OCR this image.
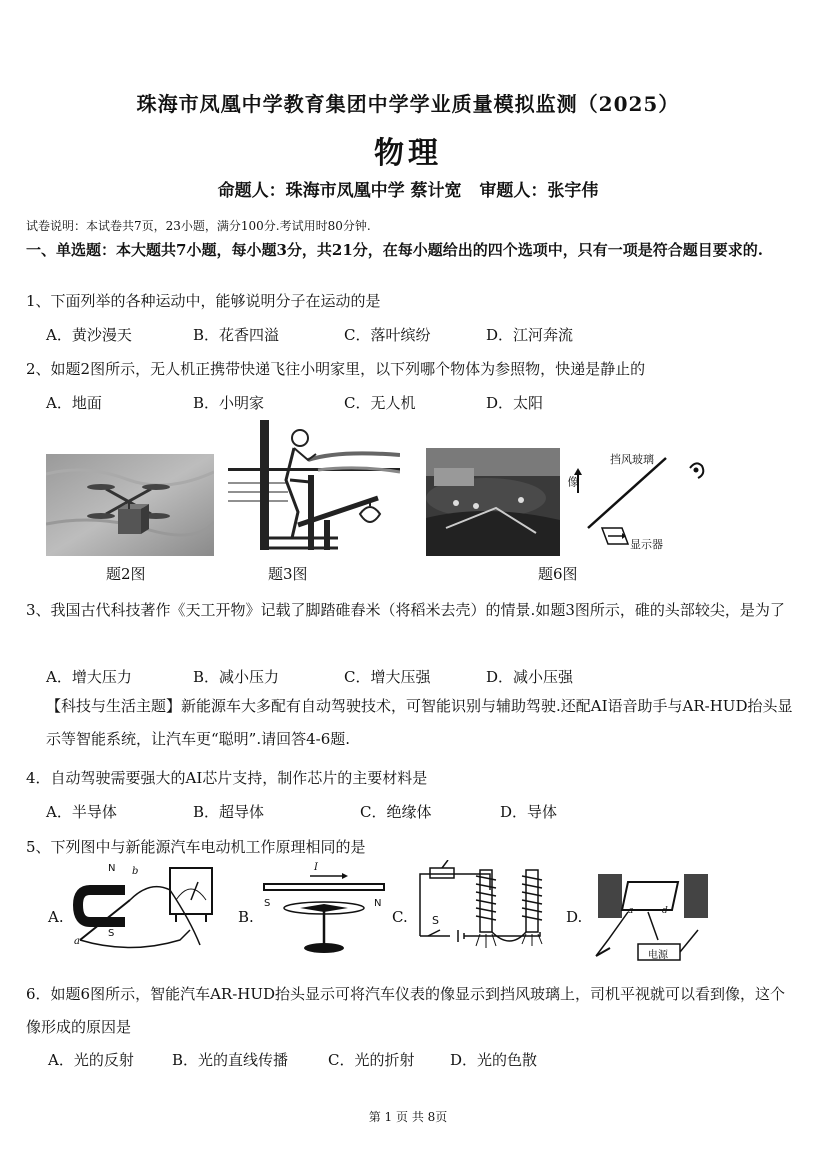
珠海市凤凰中学教育集团中学学业质量模拟监测（2025）
物理
命题人：珠海市凤凰中学 蔡计宽 审题人：张宇伟
试卷说明：本试卷共7页，23小题，满分100分.考试用时80分钟.
一、单选题：本大题共7小题，每小题3分，共21分，在每小题给出的四个选项中，只有一项是符合题目要求的.
1、下面列举的各种运动中，能够说明分子在运动的是
A．黄沙漫天	B．花香四溢	C．落叶缤纷	D．江河奔流
2、如题2图所示，无人机正携带快递飞往小明家里，以下列哪个物体为参照物，快递是静止的
A．地面	B．小明家	C．无人机	D．太阳
题2图	题3图
挡风玻璃
像
显示器
题6图
3、我国古代科技著作《天工开物》记载了脚踏碓舂米（将稻米去壳）的情景.如题3图所示，碓的头部较尖，是为了
A．增大压力	B．减小压力	C．增大压强	D．减小压强
【科技与生活主题】新能源车大多配有自动驾驶技术，可智能识别与辅助驾驶.还配AI语音助手与AR-HUD抬头显示等智能系统，让汽车更“聪明”.请回答4-6题.
4．自动驾驶需要强大的AI芯片支持，制作芯片的主要材料是
A．半导体	B．超导体	C．绝缘体	D．导体
5、下列图中与新能源汽车电动机工作原理相同的是
A.
N
S
a
b
B.
S	N
I
C. S	D.
b	c
a	d
电源
6．如题6图所示，智能汽车AR-HUD抬头显示可将汽车仪表的像显示到挡风玻璃上，司机平视就可以看到像，这个像形成的原因是
A．光的反射	B．光的直线传播	C．光的折射 D．光的色散
第 1 页 共 8页
